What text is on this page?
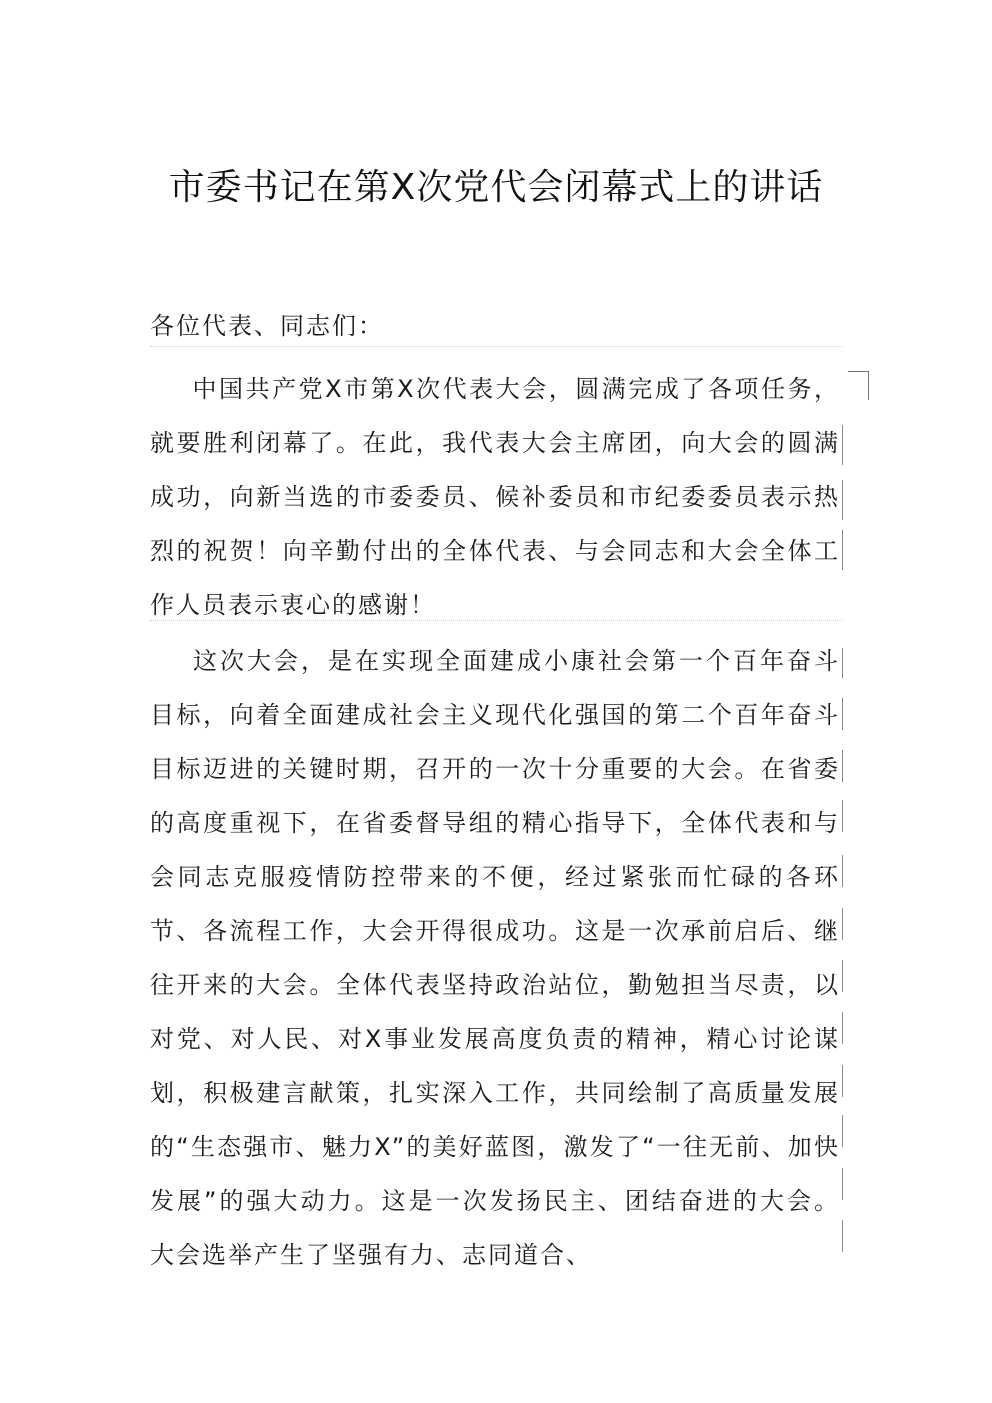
市委书记在第X次党代会闭幕式上的讲话
各位代表、同志们：
中国共产党X市第X次代表大会，圆满完成了各项任务，就要胜利闭幕了。在此，我代表大会主席团，向大会的圆满成功，向新当选的市委委员、候补委员和市纪委委员表示热烈的祝贺！向辛勤付出的全体代表、与会同志和大会全体工作人员表示衷心的感谢！
这次大会，是在实现全面建成小康社会第一个百年奋斗目标，向着全面建成社会主义现代化强国的第二个百年奋斗目标迈进的关键时期，召开的一次十分重要的大会。在省委的高度重视下，在省委督导组的精心指导下，全体代表和与会同志克服疫情防控带来的不便，经过紧张而忙碌的各环节、各流程工作，大会开得很成功。这是一次承前启后、继往开来的大会。全体代表坚持政治站位，勤勉担当尽责，以对党、对人民、对X事业发展高度负责的精神，精心讨论谋划，积极建言献策，扎实深入工作，共同绘制了高质量发展的“生态强市、魅力X”的美好蓝图，激发了“一往无前、加快发展”的强大动力。这是一次发扬民主、团结奋进的大会。大会选举产生了坚强有力、志同道合、
